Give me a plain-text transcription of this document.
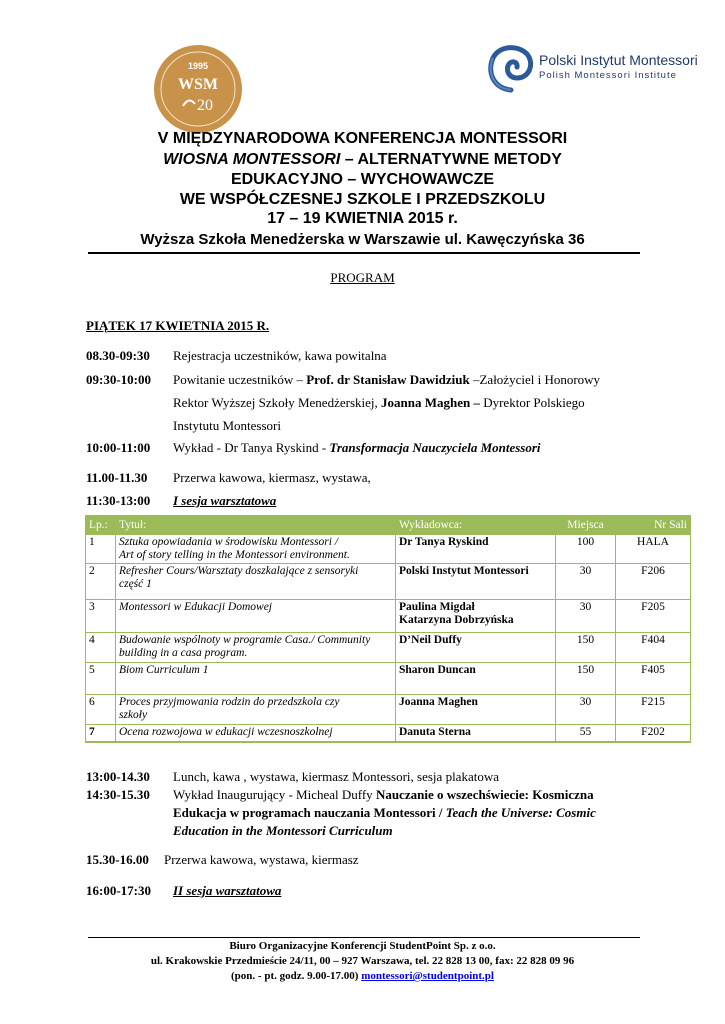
1995
WSM
20
Polski Instytut Montessori
Polish Montessori Institute
V MIĘDZYNARODOWA KONFERENCJA MONTESSORI
WIOSNA MONTESSORI – ALTERNATYWNE METODY
EDUKACYJNO – WYCHOWAWCZE
WE WSPÓŁCZESNEJ SZKOLE I PRZEDSZKOLU
17 – 19 KWIETNIA 2015 r.
Wyższa Szkoła Menedżerska w Warszawie ul. Kawęczyńska 36
PROGRAM
PIĄTEK 17 KWIETNIA 2015 R.
08.30-09:30 Rejestracja uczestników, kawa powitalna
09:30-10:00 Powitanie uczestników – Prof. dr Stanisław Dawidziuk –Założyciel i Honorowy
Rektor Wyższej Szkoły Menedżerskiej, Joanna Maghen – Dyrektor Polskiego
Instytutu Montessori
10:00-11:00 Wykład - Dr Tanya Ryskind - Transformacja Nauczyciela Montessori
11.00-11.30 Przerwa kawowa, kiermasz, wystawa,
11:30-13:00 I sesja warsztatowa
Lp.:	Tytuł:	Wykładowca:	Miejsca	Nr Sali
1	Sztuka opowiadania w środowisku Montessori /
Art of story telling in the Montessori environment.	Dr Tanya Ryskind	100	HALA
2	Refresher Cours/Warsztaty doszkalające z sensoryki
część 1	Polski Instytut Montessori	30	F206
3	Montessori w Edukacji Domowej	Paulina Migdał
Katarzyna Dobrzyńska	30	F205
4	Budowanie wspólnoty w programie Casa./ Community
building in a casa program.	D’Neil Duffy	150	F404
5	Biom Curriculum 1	Sharon Duncan	150	F405
6	Proces przyjmowania rodzin do przedszkola czy
szkoły	Joanna Maghen	30	F215
7	Ocena rozwojowa w edukacji wczesnoszkolnej	Danuta Sterna	55	F202
13:00-14.30 Lunch, kawa , wystawa, kiermasz Montessori, sesja plakatowa
14:30-15.30 Wykład Inaugurujący - Micheal Duffy Nauczanie o wszechświecie: Kosmiczna
Edukacja w programach nauczania Montessori / Teach the Universe: Cosmic
Education in the Montessori Curriculum
15.30-16.00 Przerwa kawowa, wystawa, kiermasz
16:00-17:30 II sesja warsztatowa
Biuro Organizacyjne Konferencji StudentPoint Sp. z o.o.
ul. Krakowskie Przedmieście 24/11, 00 – 927 Warszawa, tel. 22 828 13 00, fax: 22 828 09 96
(pon. - pt. godz. 9.00-17.00) montessori@studentpoint.pl
